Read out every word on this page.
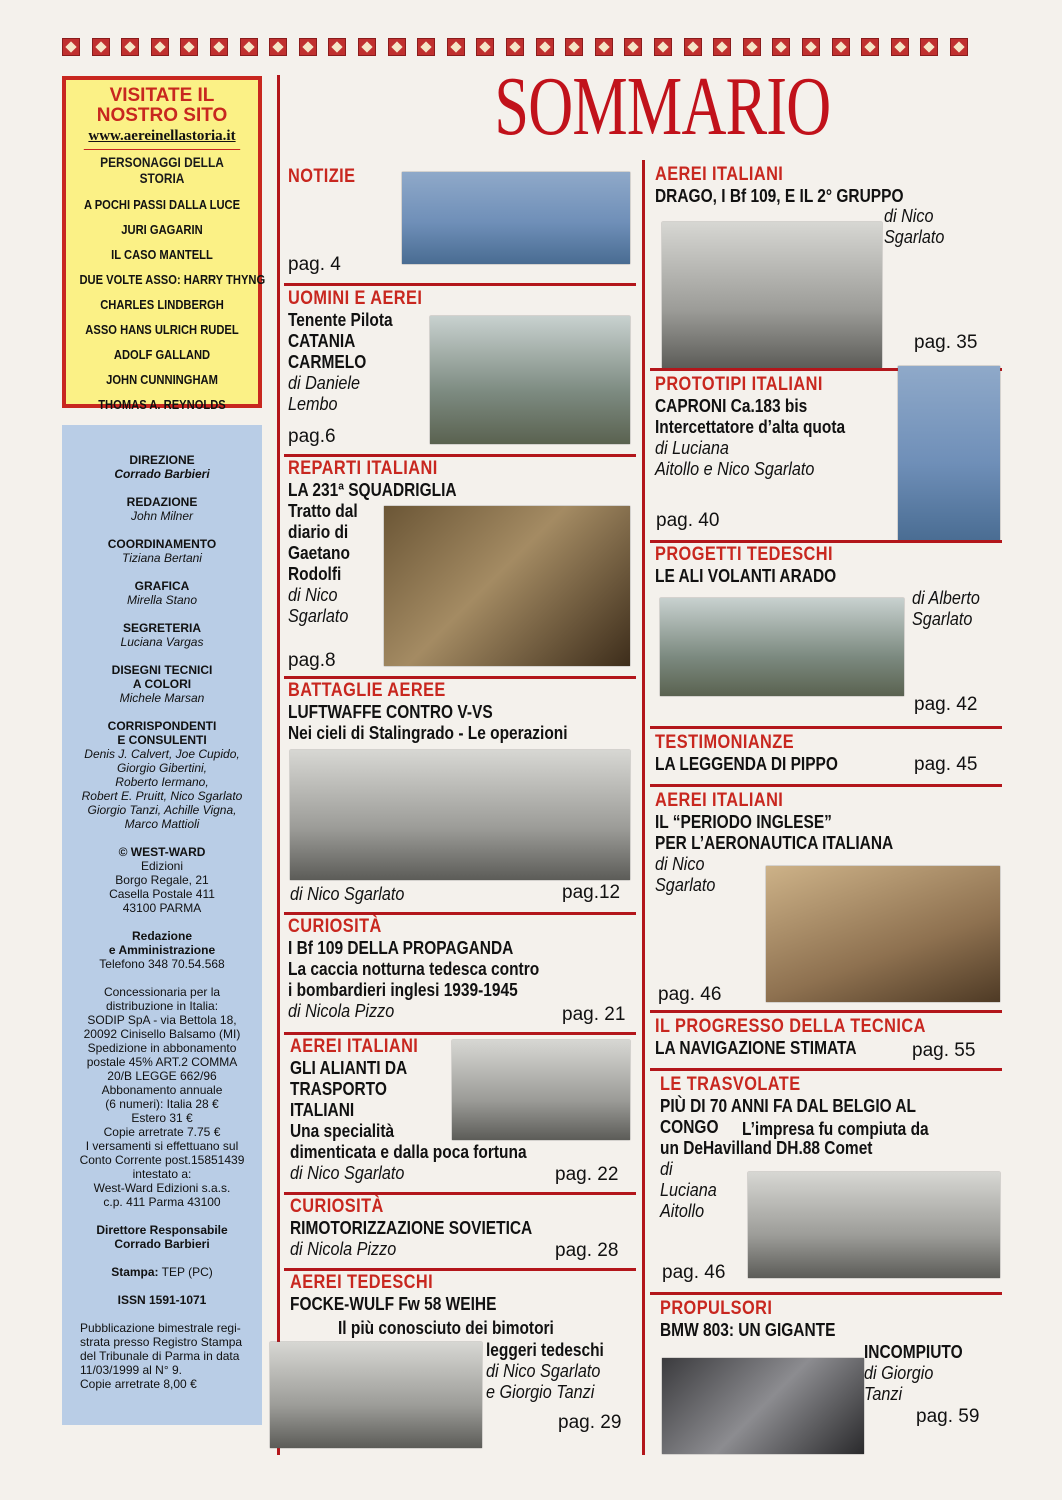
VISITATE IL
NOSTRO SITO
www.aereinellastoria.it
PERSONAGGI DELLA STORIA
A POCHI PASSI DALLA LUCE
JURI GAGARIN
IL CASO MANTELL
DUE VOLTE ASSO: HARRY THYNG
CHARLES LINDBERGH
ASSO HANS ULRICH RUDEL
ADOLF GALLAND
JOHN CUNNINGHAM
THOMAS A. REYNOLDS
DIREZIONE
Corrado Barbieri
REDAZIONE
John Milner
COORDINAMENTO
Tiziana Bertani
GRAFICA
Mirella Stano
SEGRETERIA
Luciana Vargas
DISEGNI TECNICI
A COLORI
Michele Marsan
CORRISPONDENTI
E CONSULENTI
Denis J. Calvert, Joe Cupido,
Giorgio Gibertini,
Roberto Iermano,
Robert E. Pruitt, Nico Sgarlato
Giorgio Tanzi, Achille Vigna,
Marco Mattioli
© WEST-WARD
Edizioni
Borgo Regale, 21
Casella Postale 411
43100 PARMA
Redazione
e Amministrazione
Telefono 348 70.54.568
Concessionaria per la
distribuzione in Italia:
SODIP SpA - via Bettola 18,
20092 Cinisello Balsamo (MI)
Spedizione in abbonamento
postale 45% ART.2 COMMA
20/B LEGGE 662/96
Abbonamento annuale
(6 numeri): Italia 28 €
Estero 31 €
Copie arretrate 7.75 €
I versamenti si effettuano sul
Conto Corrente post.15851439
intestato a:
West-Ward Edizioni s.a.s.
c.p. 411 Parma 43100
Direttore Responsabile
Corrado Barbieri
Stampa: TEP (PC)
ISSN 1591-1071
Pubblicazione bimestrale regi-
strata presso Registro Stampa
del Tribunale di Parma in data
11/03/1999 al N° 9.
Copie arretrate 8,00 €
SOMMARIO
NOTIZIE
pag. 4
UOMINI E AEREI
Tenente Pilota
CATANIA
CARMELO
di Daniele
Lembo
pag.6
REPARTI ITALIANI
LA 231ª SQUADRIGLIA
Tratto dal
diario di
Gaetano
Rodolfi
di Nico
Sgarlato
pag.8
BATTAGLIE AEREE
LUFTWAFFE CONTRO V-VS
Nei cieli di Stalingrado - Le operazioni
di Nico Sgarlato	pag.12
CURIOSITÀ
I Bf 109 DELLA PROPAGANDA
La caccia notturna tedesca contro
i bombardieri inglesi 1939-1945
di Nicola Pizzo	pag. 21
AEREI ITALIANI
GLI ALIANTI DA
TRASPORTO
ITALIANI
Una specialità
dimenticata e dalla poca fortuna
di Nico Sgarlato	pag. 22
CURIOSITÀ
RIMOTORIZZAZIONE SOVIETICA
di Nicola Pizzo	pag. 28
AEREI TEDESCHI
FOCKE-WULF Fw 58 WEIHE
Il più conosciuto dei bimotori
leggeri tedeschi
di Nico Sgarlato
e Giorgio Tanzi
pag. 29
AEREI ITALIANI
DRAGO, I Bf 109, E IL 2° GRUPPO
di Nico
Sgarlato
pag. 35
PROTOTIPI ITALIANI
CAPRONI Ca.183 bis
Intercettatore d’alta quota
di Luciana
Aitollo e Nico Sgarlato
pag. 40
PROGETTI TEDESCHI
LE ALI VOLANTI ARADO
di Alberto
Sgarlato
pag. 42
TESTIMONIANZE
LA LEGGENDA DI PIPPO	pag. 45
AEREI ITALIANI
IL “PERIODO INGLESE”
PER L’AERONAUTICA ITALIANA
di Nico
Sgarlato
pag. 46
IL PROGRESSO DELLA TECNICA
LA NAVIGAZIONE STIMATA	pag. 55
LE TRASVOLATE
PIÙ DI 70 ANNI FA DAL BELGIO AL
CONGO	L’impresa fu compiuta da
un DeHavilland DH.88 Comet
di
Luciana
Aitollo
pag. 46
PROPULSORI
BMW 803: UN GIGANTE
INCOMPIUTO
di Giorgio
Tanzi
pag. 59
